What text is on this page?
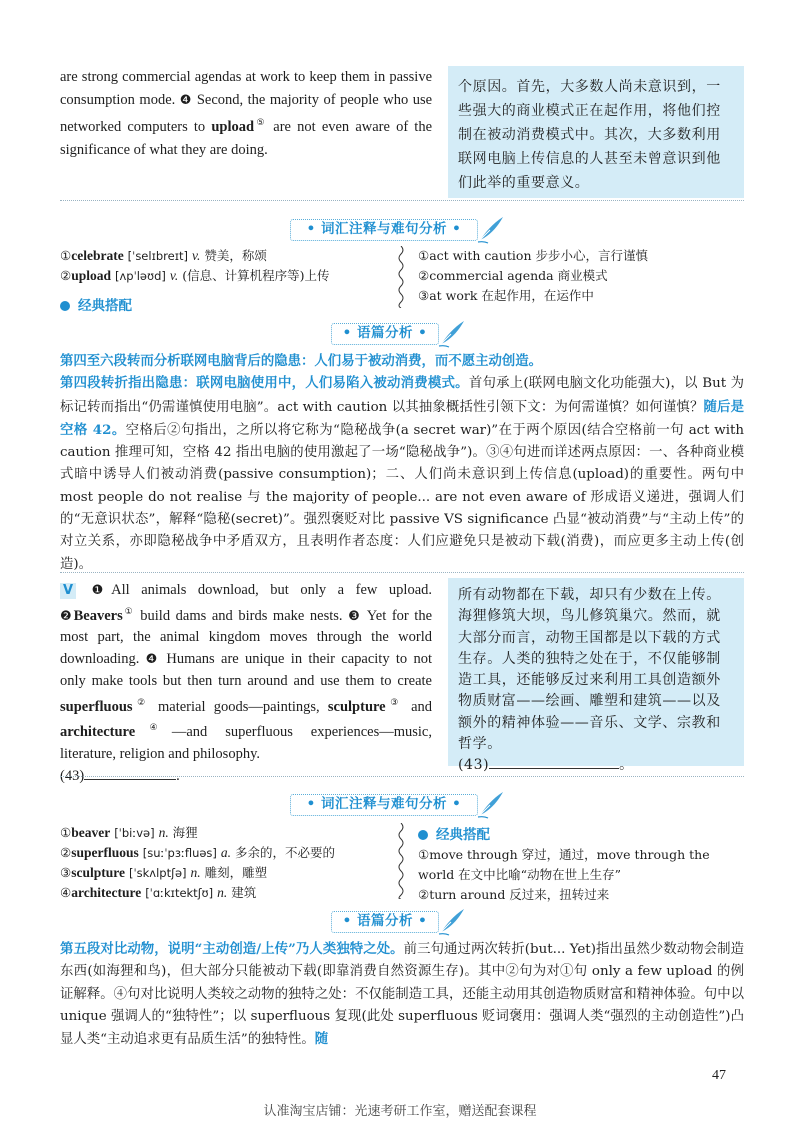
are strong commercial agendas at work to keep them in passive consumption mode. ❹ Second, the majority of people who use networked computers to upload⑤ are not even aware of the significance of what they are doing.
个原因。首先，大多数人尚未意识到，一些强大的商业模式正在起作用，将他们控制在被动消费模式中。其次，大多数利用联网电脑上传信息的人甚至未曾意识到他们此举的重要意义。
• 词汇注释与难句分析 •
①celebrate [ˈselɪbreɪt] v. 赞美，称颂
②upload [ʌpˈləʊd] v. (信息、计算机程序等)上传
经典搭配
①act with caution 步步小心，言行谨慎
②commercial agenda 商业模式
③at work 在起作用，在运作中
• 语篇分析 •
第四至六段转而分析联网电脑背后的隐患：人们易于被动消费，而不愿主动创造。
第四段转折指出隐患：联网电脑使用中，人们易陷入被动消费模式。首句承上(联网电脑文化功能强大)，以 But 为标记转而指出“仍需谨慎使用电脑”。act with caution 以其抽象概括性引领下文：为何需谨慎？如何谨慎？随后是空格 42。空格后②句指出，之所以将它称为“隐秘战争(a secret war)”在于两个原因(结合空格前一句 act with caution 推理可知，空格 42 指出电脑的使用激起了一场“隐秘战争”)。③④句进而详述两点原因：一、各种商业模式暗中诱导人们被动消费(passive consumption)；二、人们尚未意识到上传信息(upload)的重要性。两句中 most people do not realise 与 the majority of people... are not even aware of 形成语义递进，强调人们的“无意识状态”，解释“隐秘(secret)”。强烈褒贬对比 passive VS significance 凸显“被动消费”与“主动上传”的对立关系，亦即隐秘战争中矛盾双方，且表明作者态度：人们应避免只是被动下载(消费)，而应更多主动上传(创造)。
V ❶All animals download, but only a few upload. ❷Beavers① build dams and birds make nests. ❸ Yet for the most part, the animal kingdom moves through the world downloading. ❹ Humans are unique in their capacity to not only make tools but then turn around and use them to create superfluous② material goods—paintings, sculpture③ and architecture④—and superfluous experiences—music, literature, religion and philosophy.
(43)	.
所有动物都在下载，却只有少数在上传。海狸修筑大坝，鸟儿修筑巢穴。然而，就大部分而言，动物王国都是以下载的方式生存。人类的独特之处在于，不仅能够制造工具，还能够反过来利用工具创造额外物质财富——绘画、雕塑和建筑——以及额外的精神体验——音乐、文学、宗教和哲学。
(43)	。
• 词汇注释与难句分析 •
①beaver [ˈbiːvə] n. 海狸
②superfluous [suːˈpɜːfluəs] a. 多余的，不必要的
③sculpture [ˈskʌlptʃə] n. 雕刻，雕塑
④architecture [ˈɑːkɪtektʃʊ] n. 建筑
经典搭配
①move through 穿过，通过，move through the world 在文中比喻“动物在世上生存”
②turn around 反过来，扭转过来
• 语篇分析 •
第五段对比动物，说明“主动创造/上传”乃人类独特之处。前三句通过两次转折(but... Yet)指出虽然少数动物会制造东西(如海狸和鸟)，但大部分只能被动下载(即靠消费自然资源生存)。其中②句为对①句 only a few upload 的例证解释。④句对比说明人类较之动物的独特之处：不仅能制造工具，还能主动用其创造物质财富和精神体验。句中以 unique 强调人的“独特性”；以 superfluous 复现(此处 superfluous 贬词褒用：强调人类“强烈的主动创造性”)凸显人类“主动追求更有品质生活”的独特性。随
47
认准淘宝店铺：光速考研工作室，赠送配套课程
